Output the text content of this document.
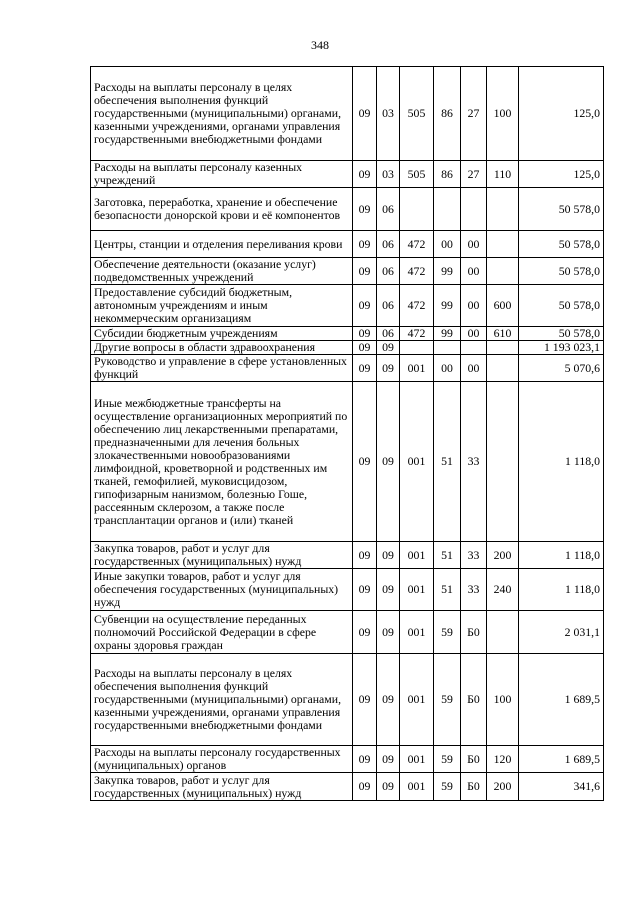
348
Расходы на выплаты персоналу в целях обеспечения выполнения функций государственными (муниципальными) органами, казенными учреждениями, органами управления государственными внебюджетными фондами	09	03	505	86	27	100	125,0
Расходы на выплаты персоналу казенных учреждений	09	03	505	86	27	110	125,0
Заготовка, переработка, хранение и обеспечение безопасности донорской крови и её компонентов	09	06					50 578,0
Центры, станции и отделения переливания крови	09	06	472	00	00		50 578,0
Обеспечение деятельности (оказание услуг) подведомственных учреждений	09	06	472	99	00		50 578,0
Предоставление субсидий бюджетным, автономным учреждениям и иным некоммерческим организациям	09	06	472	99	00	600	50 578,0
Субсидии бюджетным учреждениям	09	06	472	99	00	610	50 578,0
Другие вопросы в области здравоохранения	09	09					1 193 023,1
Руководство и управление в сфере установленных функций	09	09	001	00	00		5 070,6
Иные межбюджетные трансферты на осуществление организационных мероприятий по обеспечению лиц лекарственными препаратами, предназначенными для лечения больных злокачественными новообразованиями лимфоидной, кроветворной и родственных им тканей, гемофилией, муковисцидозом, гипофизарным нанизмом, болезнью Гоше, рассеянным склерозом, а также после трансплантации органов и (или) тканей	09	09	001	51	33		1 118,0
Закупка товаров, работ и услуг для государственных (муниципальных) нужд	09	09	001	51	33	200	1 118,0
Иные закупки товаров, работ и услуг для обеспечения государственных (муниципальных) нужд	09	09	001	51	33	240	1 118,0
Субвенции на осуществление переданных полномочий Российской Федерации в сфере охраны здоровья граждан	09	09	001	59	Б0		2 031,1
Расходы на выплаты персоналу в целях обеспечения выполнения функций государственными (муниципальными) органами, казенными учреждениями, органами управления государственными внебюджетными фондами	09	09	001	59	Б0	100	1 689,5
Расходы на выплаты персоналу государственных (муниципальных) органов	09	09	001	59	Б0	120	1 689,5
Закупка товаров, работ и услуг для государственных (муниципальных) нужд	09	09	001	59	Б0	200	341,6
